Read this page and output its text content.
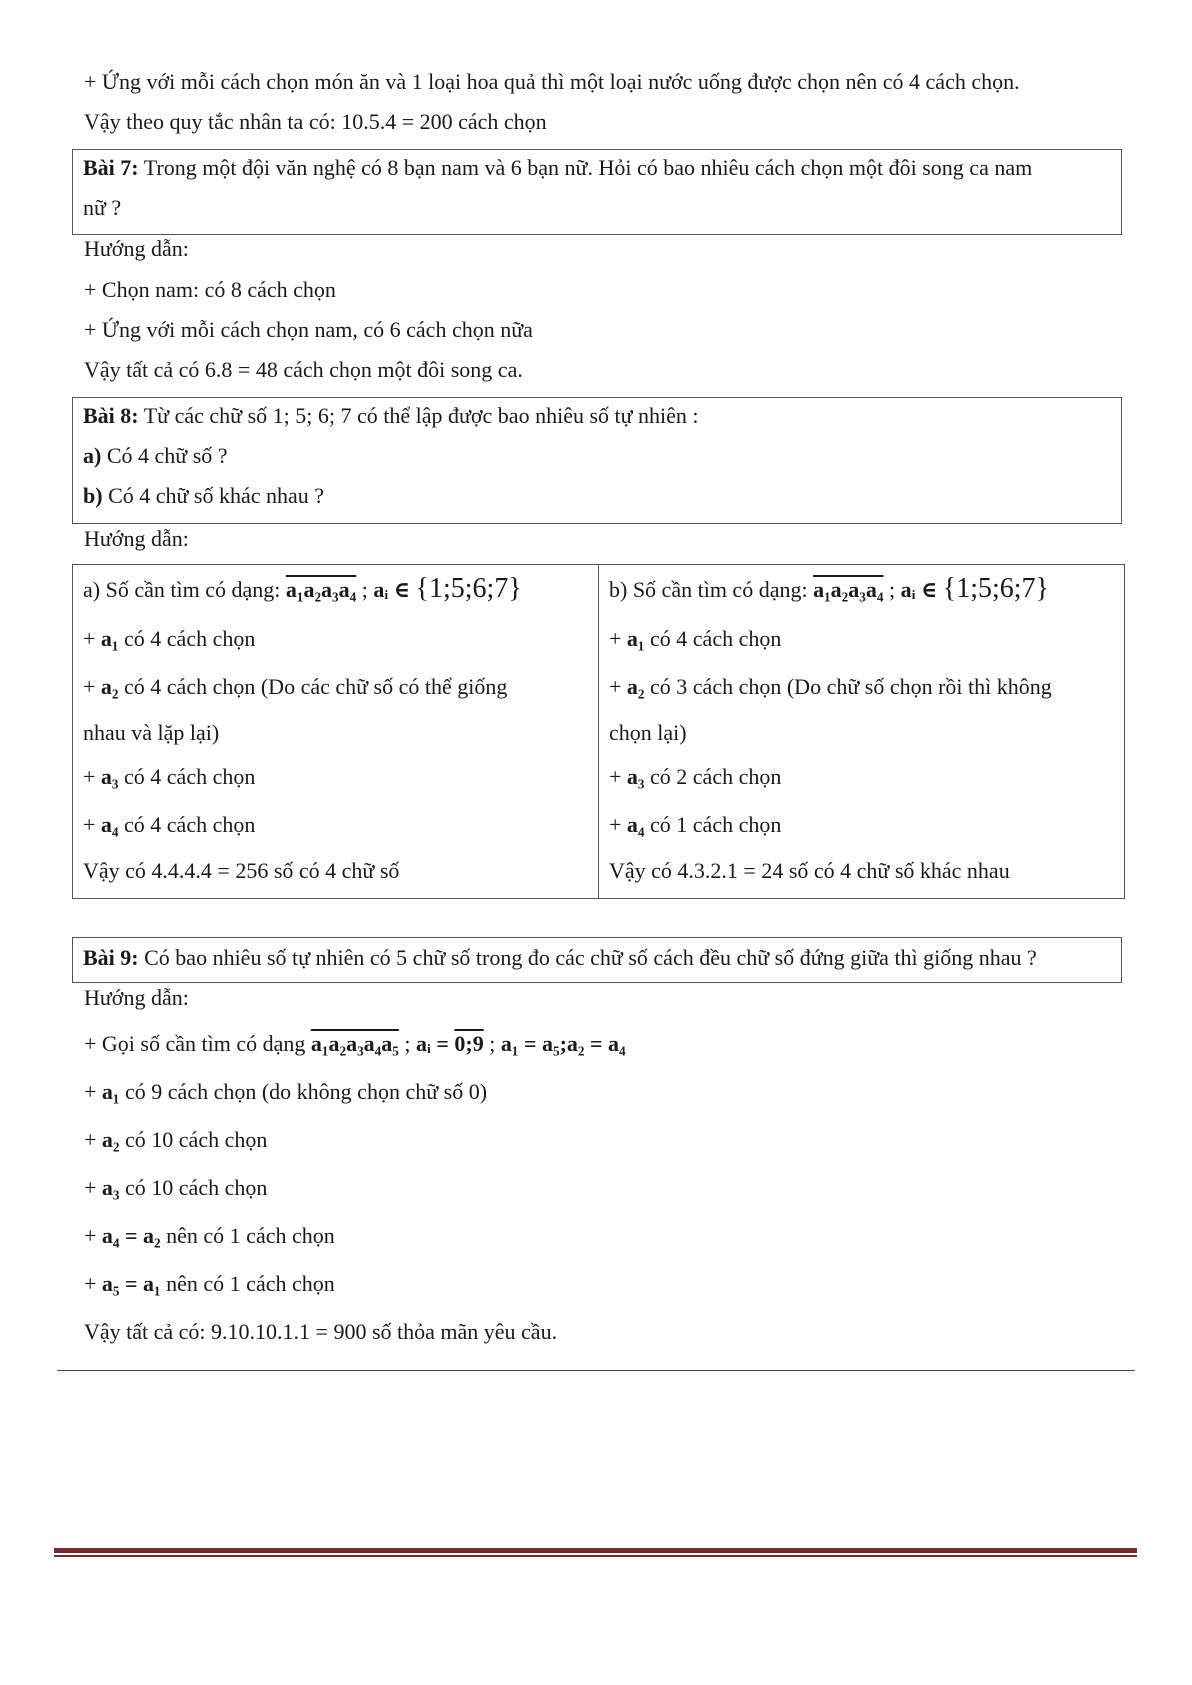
+ Ứng với mỗi cách chọn món ăn và 1 loại hoa quả thì một loại nước uống được chọn nên có 4 cách chọn.
Vậy theo quy tắc nhân ta có: 10.5.4 = 200 cách chọn
Bài 7: Trong một đội văn nghệ có 8 bạn nam và 6 bạn nữ. Hỏi có bao nhiêu cách chọn một đôi song ca nam
nữ ?
Hướng dẫn:
+ Chọn nam: có 8 cách chọn
+ Ứng với mỗi cách chọn nam, có 6 cách chọn nữa
Vậy tất cả có 6.8 = 48 cách chọn một đôi song ca.
Bài 8: Từ các chữ số 1; 5; 6; 7 có thể lập được bao nhiêu số tự nhiên :
a) Có 4 chữ số ?
b) Có 4 chữ số khác nhau ?
Hướng dẫn:
a) Số cần tìm có dạng: a₁a₂a₃a₄ ; aᵢ ∈ {1;5;6;7}
+ a₁ có 4 cách chọn
+ a₂ có 4 cách chọn (Do các chữ số có thể giống
nhau và lặp lại)
+ a₃ có 4 cách chọn
+ a₄ có 4 cách chọn
Vậy có 4.4.4.4 = 256 số có 4 chữ số

b) Số cần tìm có dạng: a₁a₂a₃a₄ ; aᵢ ∈ {1;5;6;7}
+ a₁ có 4 cách chọn
+ a₂ có 3 cách chọn (Do chữ số chọn rồi thì không
chọn lại)
+ a₃ có 2 cách chọn
+ a₄ có 1 cách chọn
Vậy có 4.3.2.1 = 24 số có 4 chữ số khác nhau
Bài 9: Có bao nhiêu số tự nhiên có 5 chữ số trong đo các chữ số cách đều chữ số đứng giữa thì giống nhau ?
Hướng dẫn:
+ Gọi số cần tìm có dạng a₁a₂a₃a₄a₅ ; aᵢ = 0;9 ; a₁ = a₅;a₂ = a₄
+ a₁ có 9 cách chọn (do không chọn chữ số 0)
+ a₂ có 10 cách chọn
+ a₃ có 10 cách chọn
+ a₄ = a₂ nên có 1 cách chọn
+ a₅ = a₁ nên có 1 cách chọn
Vậy tất cả có: 9.10.10.1.1 = 900 số thỏa mãn yêu cầu.
